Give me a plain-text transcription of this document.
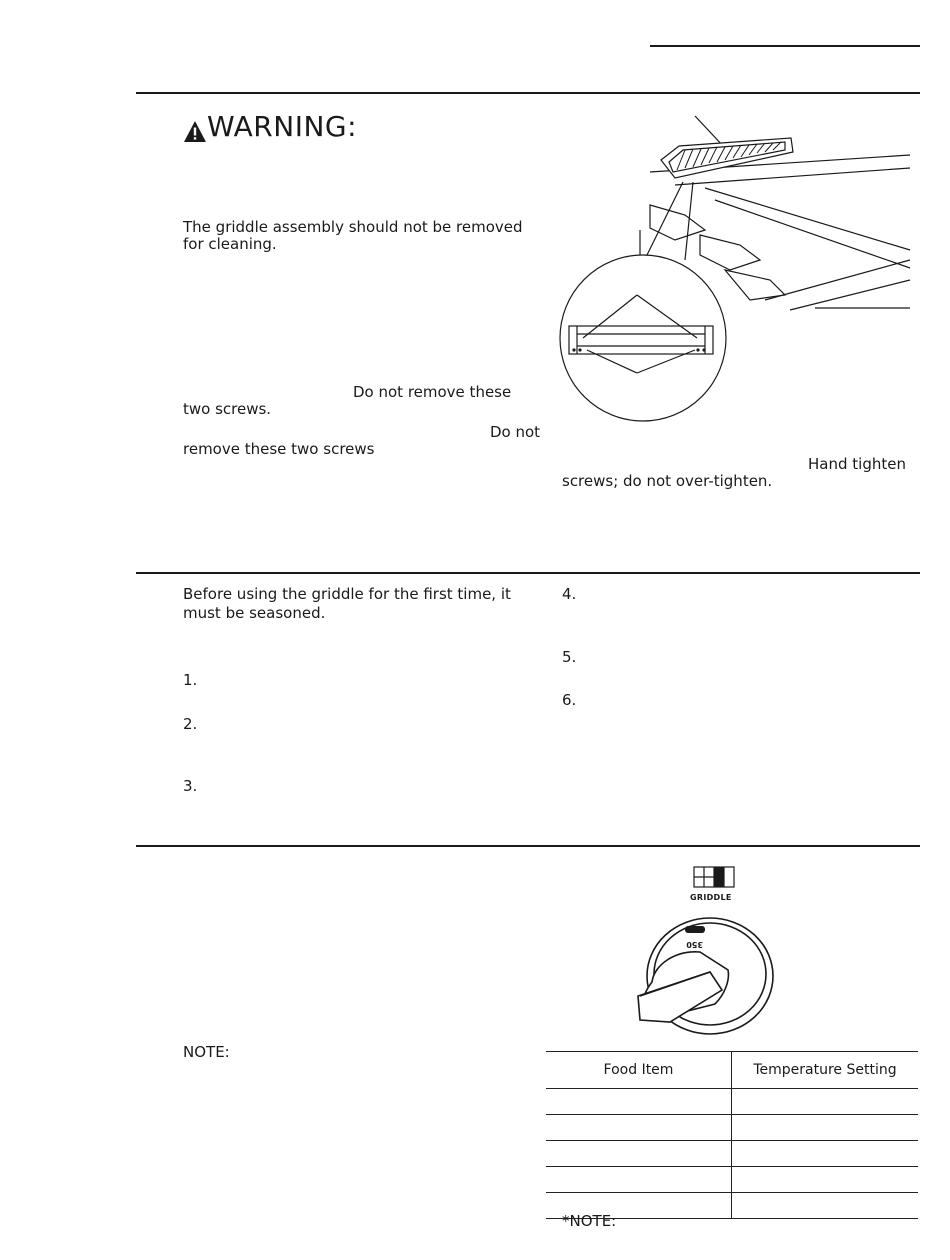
WARNING:
The griddle assembly should not be removed
for cleaning.
Do not remove these
two screws.
Do not
remove these two screws
Hand tighten
screws; do not over-tighten.
Before using the griddle for the first time, it
must be seasoned.
1.
2.
3.
4.
5.
6.
GRIDDLE
350
NOTE:
Food Item	Temperature Setting

*NOTE:
